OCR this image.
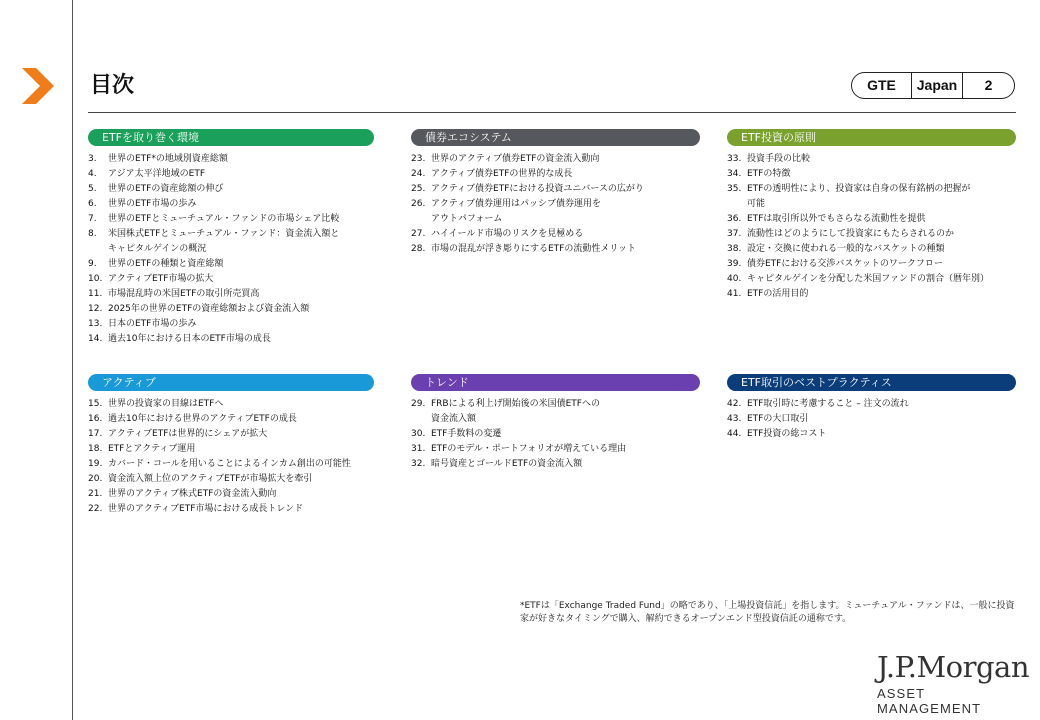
目次	GTE	Japan	2
ETFを取り巻く環境
3.	世界のETF*の地域別資産総額
4.	アジア太平洋地域のETF
5.	世界のETFの資産総額の伸び
6.	世界のETF市場の歩み
7.	世界のETFとミューチュアル・ファンドの市場シェア比較
8.	米国株式ETFとミューチュアル・ファンド：資金流入額と
キャピタルゲインの概況
9.	世界のETFの種類と資産総額
10. アクティブETF市場の拡大
11. 市場混乱時の米国ETFの取引所売買高
12. 2025年の世界のETFの資産総額および資金流入額
13. 日本のETF市場の歩み
14. 過去10年における日本のETF市場の成長
債券エコシステム
23. 世界のアクティブ債券ETFの資金流入動向
24. アクティブ債券ETFの世界的な成長
25. アクティブ債券ETFにおける投資ユニバースの広がり
26. アクティブ債券運用はパッシブ債券運用を
アウトパフォーム
27. ハイイールド市場のリスクを見極める
28. 市場の混乱が浮き彫りにするETFの流動性メリット
ETF投資の原則
33. 投資手段の比較
34. ETFの特徴
35. ETFの透明性により、投資家は自身の保有銘柄の把握が
可能
36. ETFは取引所以外でもさらなる流動性を提供
37. 流動性はどのようにして投資家にもたらされるのか
38. 設定・交換に使われる一般的なバスケットの種類
39. 債券ETFにおける交渉バスケットのワークフロー
40. キャピタルゲインを分配した米国ファンドの割合（暦年別）
41. ETFの活用目的
アクティブ
15. 世界の投資家の目線はETFへ
16. 過去10年における世界のアクティブETFの成長
17. アクティブETFは世界的にシェアが拡大
18. ETFとアクティブ運用
19. カバード・コールを用いることによるインカム創出の可能性
20. 資金流入額上位のアクティブETFが市場拡大を牽引
21. 世界のアクティブ株式ETFの資金流入動向
22. 世界のアクティブETF市場における成長トレンド
トレンド
29. FRBによる利上げ開始後の米国債ETFへの
資金流入額
30. ETF手数料の変遷
31. ETFのモデル・ポートフォリオが増えている理由
32. 暗号資産とゴールドETFの資金流入額
ETF取引のベストプラクティス
42. ETF取引時に考慮すること – 注文の流れ
43. ETFの大口取引
44. ETF投資の総コスト
*ETFは「Exchange Traded Fund」の略であり、「上場投資信託」を指します。ミューチュアル・ファンドは、一般に投資家が好きなタイミングで購入、解約できるオープンエンド型投資信託の通称です。
J.P.Morgan
ASSET MANAGEMENT
